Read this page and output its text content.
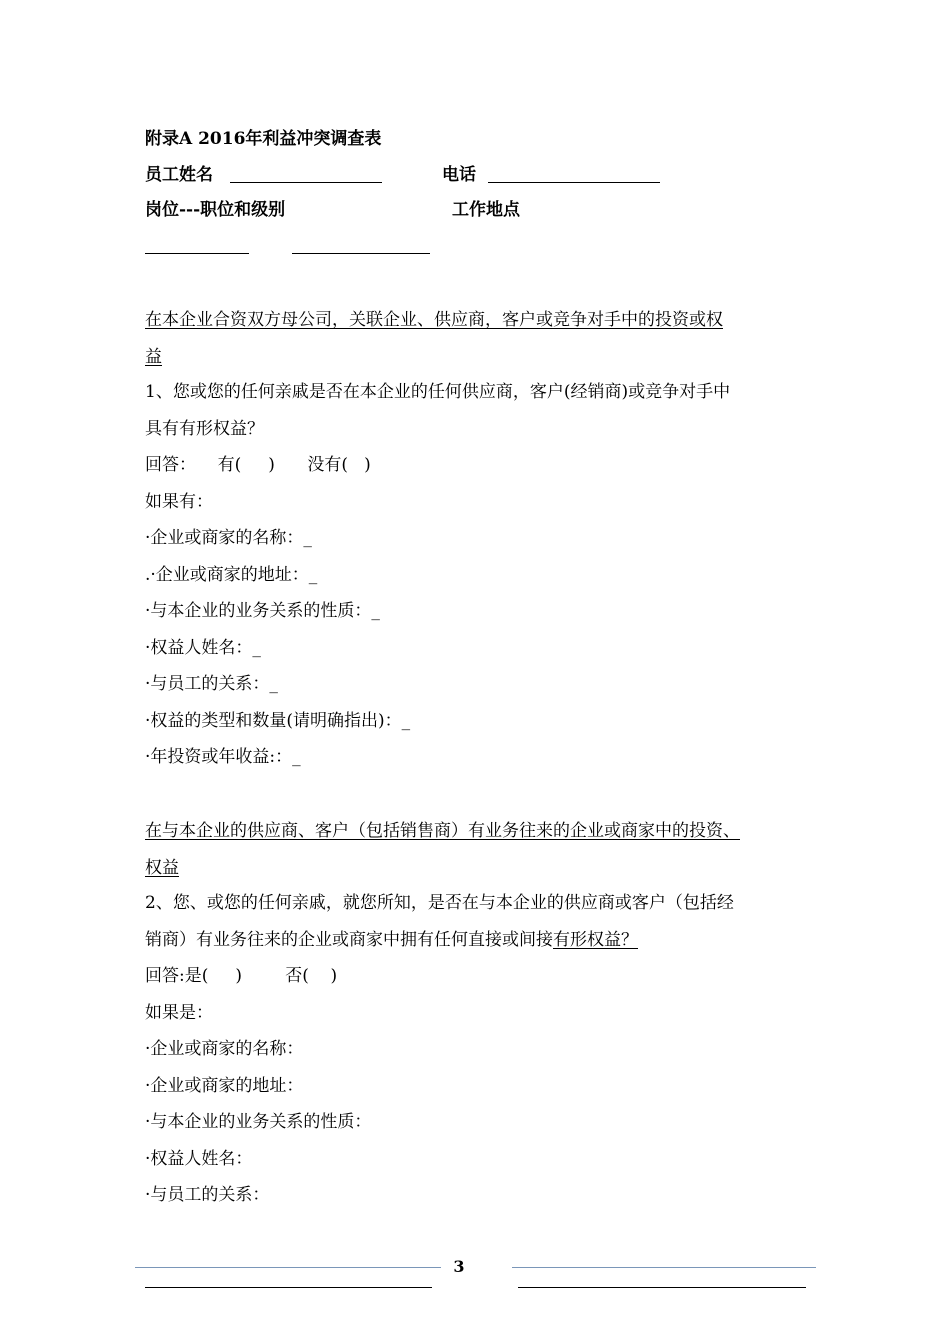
附录A 2016年利益冲突调查表
员工姓名	电话
岗位---职位和级别	工作地点
在本企业合资双方母公司，关联企业、供应商，客户或竞争对手中的投资或权
益
1、您或您的任何亲戚是否在本企业的任何供应商，客户(经销商)或竞争对手中
具有有形权益？
回答：    有(     )      没有(   )
如果有：
·企业或商家的名称：_
.·企业或商家的地址：_
·与本企业的业务关系的性质：_
·权益人姓名：_
·与员工的关系：_
·权益的类型和数量(请明确指出)：_
·年投资或年收益:：_
在与本企业的供应商、客户（包括销售商）有业务往来的企业或商家中的投资、
权益
2、您、或您的任何亲戚，就您所知，是否在与本企业的供应商或客户（包括经
销商）有业务往来的企业或商家中拥有任何直接或间接有形权益？
回答:是(     )        否(    )
如果是：
·企业或商家的名称：
·企业或商家的地址：
·与本企业的业务关系的性质：
·权益人姓名：
·与员工的关系：
3
